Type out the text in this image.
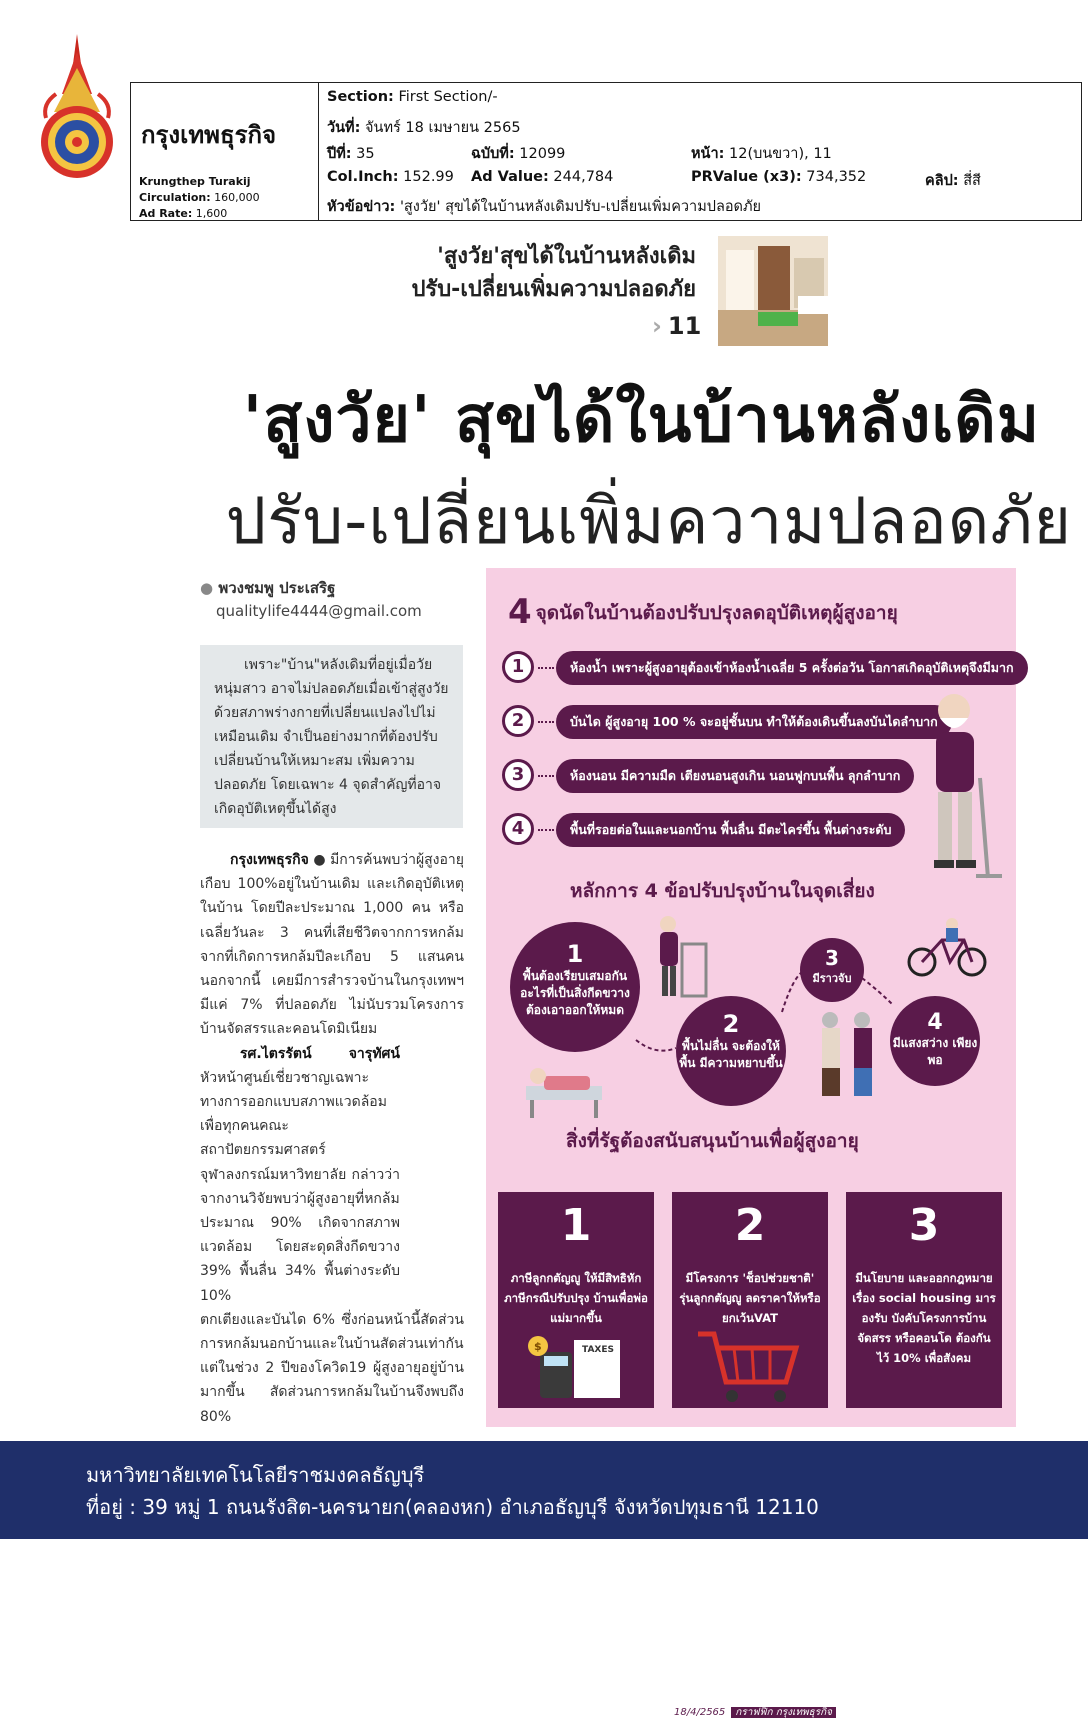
กรุงเทพธุรกิจ
Krungthep Turakij
Circulation: 160,000
Ad Rate: 1,600
Section: First Section/-
วันที่: จันทร์ 18 เมษายน 2565
ปีที่: 35	ฉบับที่: 12099	หน้า: 12(บนขวา), 11
Col.Inch: 152.99 Ad Value: 244,784	PRValue (x3): 734,352	คลิป: สี่สี
หัวข้อข่าว: 'สูงวัย' สุขได้ในบ้านหลังเดิมปรับ-เปลี่ยนเพิ่มความปลอดภัย
'สูงวัย'สุขได้ในบ้านหลังเดิม
ปรับ-เปลี่ยนเพิ่มความปลอดภัย
› 11
'สูงวัย' สุขได้ในบ้านหลังเดิม
ปรับ-เปลี่ยนเพิ่มความปลอดภัย
● พวงชมพู ประเสริฐ
qualitylife4444@gmail.com
เพราะ"บ้าน"หลังเดิมที่อยู่เมื่อวัยหนุ่มสาว อาจไม่ปลอดภัยเมื่อเข้าสู่สูงวัย ด้วยสภาพร่างกายที่เปลี่ยนแปลงไปไม่เหมือนเดิม จำเป็นอย่างมากที่ต้องปรับ เปลี่ยนบ้านให้เหมาะสม เพิ่มความปลอดภัย โดยเฉพาะ 4 จุดสำคัญที่อาจเกิดอุบัติเหตุขึ้นได้สูง
กรุงเทพธุรกิจ ● มีการค้นพบว่าผู้สูงอายุเกือบ 100%อยู่ในบ้านเดิม และเกิดอุบัติเหตุในบ้าน โดยปีละประมาณ 1,000 คน หรือเฉลี่ยวันละ 3 คนที่เสียชีวิตจากการหกล้ม จากที่เกิดการหกล้มปีละเกือบ 5 แสนคน นอกจากนี้ เคยมีการสำรวจบ้านในกรุงเทพฯมีแค่ 7% ที่ปลอดภัย ไม่นับรวมโครงการบ้านจัดสรรและคอนโดมิเนียม
รศ.ไตรรัตน์ จารุทัศน์ หัวหน้าศูนย์เชี่ยวชาญเฉพาะทางการออกแบบสภาพแวดล้อมเพื่อทุกคนคณะสถาปัตยกรรมศาสตร์ จุฬาลงกรณ์มหาวิทยาลัย กล่าวว่า จากงานวิจัยพบว่าผู้สูงอายุที่หกล้มประมาณ 90% เกิดจากสภาพแวดล้อม โดยสะดุดสิ่งกีดขวาง 39% พื้นลื่น 34% พื้นต่างระดับ 10%
ตกเตียงและบันได 6% ซึ่งก่อนหน้านี้สัดส่วนการหกล้มนอกบ้านและในบ้านสัดส่วนเท่ากัน แต่ในช่วง 2 ปีของโควิด19 ผู้สูงอายุอยู่บ้านมากขึ้น สัดส่วนการหกล้มในบ้านจึงพบถึง 80%
4 จุดนัดในบ้านต้องปรับปรุงลดอุบัติเหตุผู้สูงอายุ
1	ห้องน้ำ เพราะผู้สูงอายุต้องเข้าห้องน้ำเฉลี่ย 5 ครั้งต่อวัน โอกาสเกิดอุบัติเหตุจึงมีมาก
2	บันได ผู้สูงอายุ 100 % จะอยู่ชั้นบน ทำให้ต้องเดินขึ้นลงบันไดลำบาก
3	ห้องนอน มีความมืด เตียงนอนสูงเกิน นอนฟูกบนพื้น ลุกลำบาก
4	พื้นที่รอยต่อในและนอกบ้าน พื้นลื่น มีตะไคร่ขึ้น พื้นต่างระดับ
หลักการ 4 ข้อปรับปรุงบ้านในจุดเสี่ยง
1
พื้นต้องเรียบเสมอกัน อะไรที่เป็นสิ่งกีดขวาง ต้องเอาออกให้หมด	2
พื้นไม่ลื่น จะต้องให้พื้น มีความหยาบขึ้น
3
มีราวจับ
4
มีแสงสว่าง เพียงพอ
สิ่งที่รัฐต้องสนับสนุนบ้านเพื่อผู้สูงอายุ
1
ภาษีลูกกตัญญู ให้มีสิทธิหักภาษีกรณีปรับปรุง บ้านเพื่อพ่อแม่มากขึ้น
TAXES
$
2
มีโครงการ 'ช็อปช่วยชาติ' รุ่นลูกกตัญญู ลดราคาให้หรือยกเว้นVAT
3
มีนโยบาย และออกกฎหมายเรื่อง social housing มารองรับ บังคับโครงการบ้านจัดสรร หรือคอนโด ต้องกันไว้ 10% เพื่อสังคม
18/4/2565 กราฟฟิก กรุงเทพธุรกิจ
มหาวิทยาลัยเทคโนโลยีราชมงคลธัญบุรี
ที่อยู่ : 39 หมู่ 1 ถนนรังสิต-นครนายก(คลองหก) อำเภอธัญบุรี จังหวัดปทุมธานี 12110
